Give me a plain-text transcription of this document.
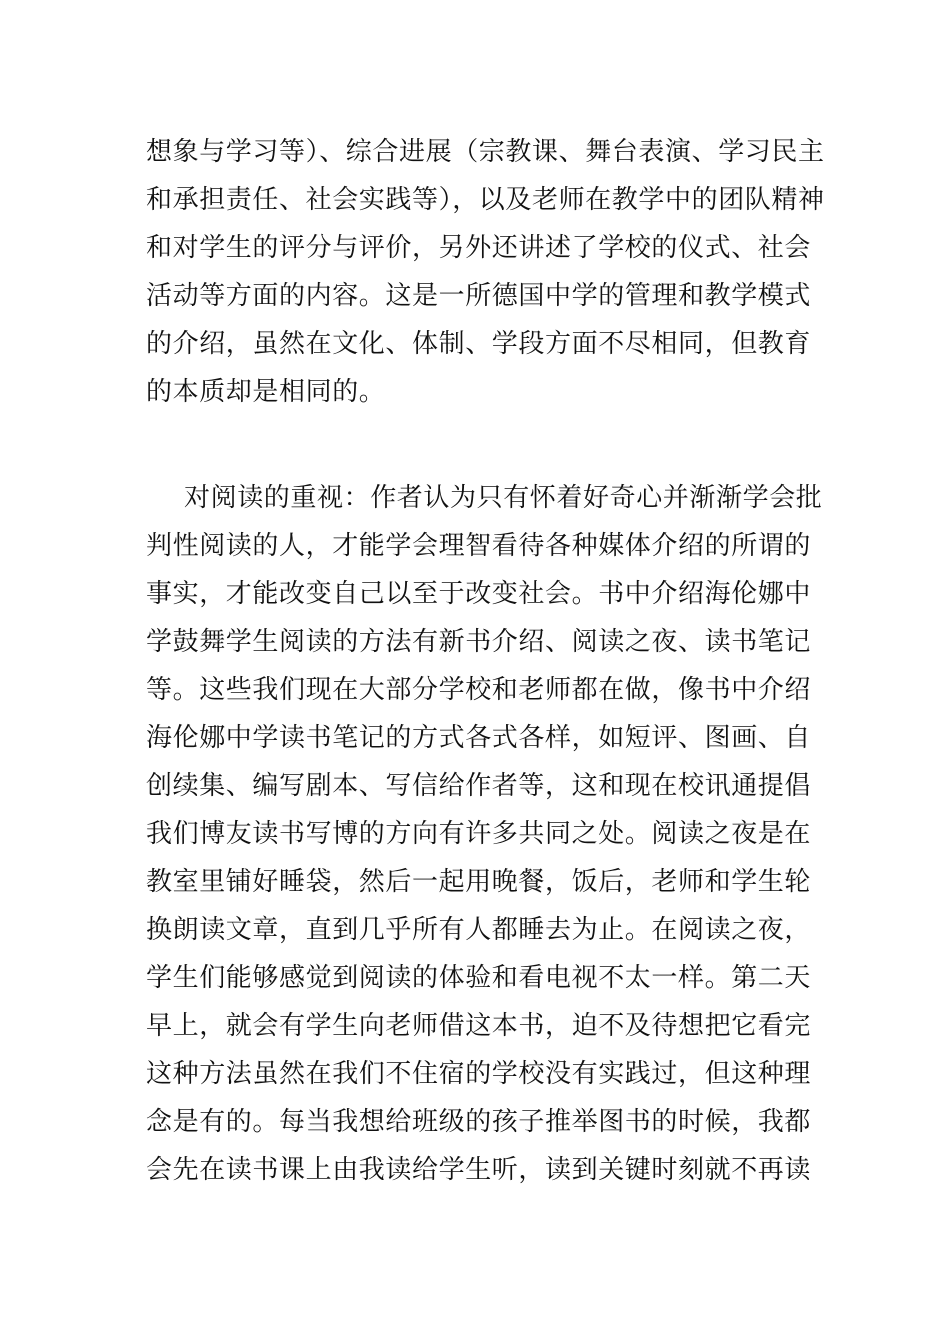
想象与学习等）、综合进展（宗教课、舞台表演、学习民主
和承担责任、社会实践等），以及老师在教学中的团队精神
和对学生的评分与评价，另外还讲述了学校的仪式、社会
活动等方面的内容。这是一所德国中学的管理和教学模式
的介绍，虽然在文化、体制、学段方面不尽相同，但教育
的本质却是相同的。
对阅读的重视：作者认为只有怀着好奇心并渐渐学会批
判性阅读的人，才能学会理智看待各种媒体介绍的所谓的
事实，才能改变自己以至于改变社会。书中介绍海伦娜中
学鼓舞学生阅读的方法有新书介绍、阅读之夜、读书笔记
等。这些我们现在大部分学校和老师都在做，像书中介绍
海伦娜中学读书笔记的方式各式各样，如短评、图画、自
创续集、编写剧本、写信给作者等，这和现在校讯通提倡
我们博友读书写博的方向有许多共同之处。阅读之夜是在
教室里铺好睡袋，然后一起用晚餐，饭后，老师和学生轮
换朗读文章，直到几乎所有人都睡去为止。在阅读之夜，
学生们能够感觉到阅读的体验和看电视不太一样。第二天
早上，就会有学生向老师借这本书，迫不及待想把它看完
这种方法虽然在我们不住宿的学校没有实践过，但这种理
念是有的。每当我想给班级的孩子推举图书的时候，我都
会先在读书课上由我读给学生听，读到关键时刻就不再读
